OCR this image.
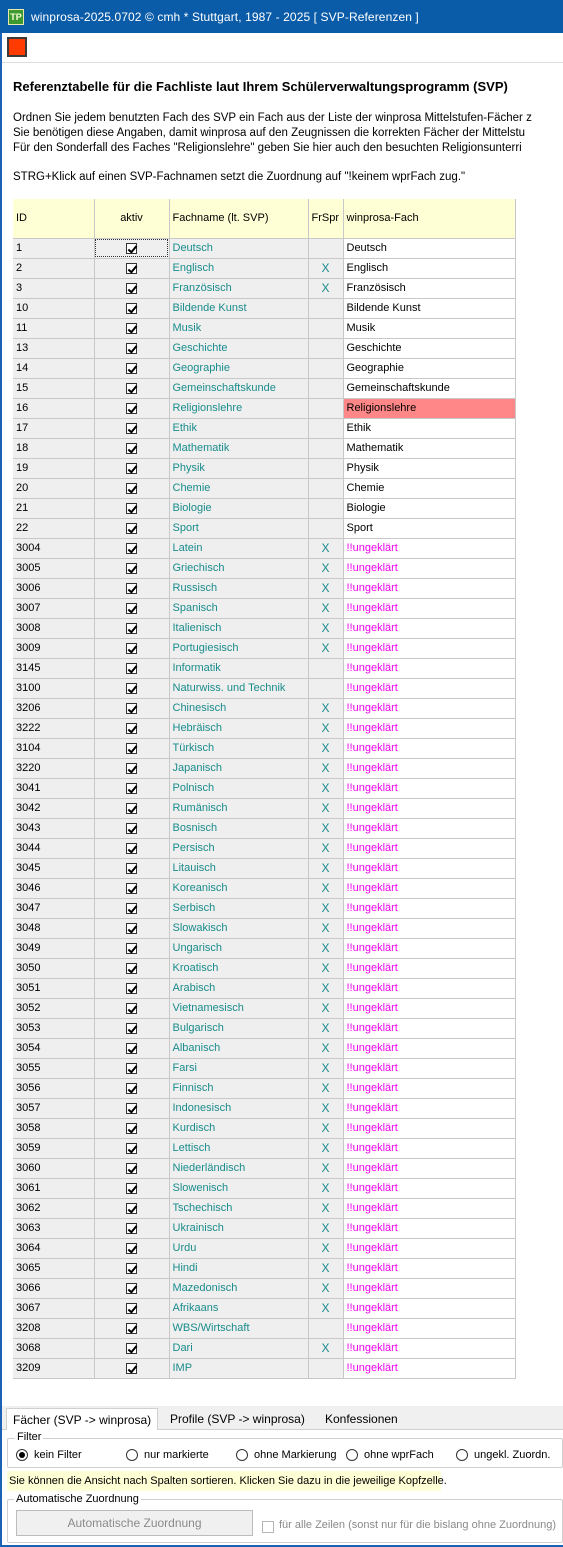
TP winprosa-2025.0702 © cmh * Stuttgart, 1987 - 2025 [ SVP-Referenzen ]
Referenztabelle für die Fachliste laut Ihrem Schülerverwaltungsprogramm (SVP)
Ordnen Sie jedem benutzten Fach des SVP ein Fach aus der Liste der winprosa Mittelstufen-Fächer z
Sie benötigen diese Angaben, damit winprosa auf den Zeugnissen die korrekten Fächer der Mittelstu
Für den Sonderfall des Faches "Religionslehre" geben Sie hier auch den besuchten Religionsunterri
STRG+Klick auf einen SVP-Fachnamen setzt die Zuordnung auf "!keinem wprFach zug."
ID	aktiv	Fachname (lt. SVP)	FrSpr	winprosa-Fach
1		Deutsch		Deutsch
2		Englisch	X	Englisch
3		Französisch	X	Französisch
10		Bildende Kunst		Bildende Kunst
11		Musik		Musik
13		Geschichte		Geschichte
14		Geographie		Geographie
15		Gemeinschaftskunde		Gemeinschaftskunde
16		Religionslehre		Religionslehre
17		Ethik		Ethik
18		Mathematik		Mathematik
19		Physik		Physik
20		Chemie		Chemie
21		Biologie		Biologie
22		Sport		Sport
3004		Latein	X	!!ungeklärt
3005		Griechisch	X	!!ungeklärt
3006		Russisch	X	!!ungeklärt
3007		Spanisch	X	!!ungeklärt
3008		Italienisch	X	!!ungeklärt
3009		Portugiesisch	X	!!ungeklärt
3145		Informatik		!!ungeklärt
3100		Naturwiss. und Technik		!!ungeklärt
3206		Chinesisch	X	!!ungeklärt
3222		Hebräisch	X	!!ungeklärt
3104		Türkisch	X	!!ungeklärt
3220		Japanisch	X	!!ungeklärt
3041		Polnisch	X	!!ungeklärt
3042		Rumänisch	X	!!ungeklärt
3043		Bosnisch	X	!!ungeklärt
3044		Persisch	X	!!ungeklärt
3045		Litauisch	X	!!ungeklärt
3046		Koreanisch	X	!!ungeklärt
3047		Serbisch	X	!!ungeklärt
3048		Slowakisch	X	!!ungeklärt
3049		Ungarisch	X	!!ungeklärt
3050		Kroatisch	X	!!ungeklärt
3051		Arabisch	X	!!ungeklärt
3052		Vietnamesisch	X	!!ungeklärt
3053		Bulgarisch	X	!!ungeklärt
3054		Albanisch	X	!!ungeklärt
3055		Farsi	X	!!ungeklärt
3056		Finnisch	X	!!ungeklärt
3057		Indonesisch	X	!!ungeklärt
3058		Kurdisch	X	!!ungeklärt
3059		Lettisch	X	!!ungeklärt
3060		Niederländisch	X	!!ungeklärt
3061		Slowenisch	X	!!ungeklärt
3062		Tschechisch	X	!!ungeklärt
3063		Ukrainisch	X	!!ungeklärt
3064		Urdu	X	!!ungeklärt
3065		Hindi	X	!!ungeklärt
3066		Mazedonisch	X	!!ungeklärt
3067		Afrikaans	X	!!ungeklärt
3208		WBS/Wirtschaft		!!ungeklärt
3068		Dari	X	!!ungeklärt
3209		IMP		!!ungeklärt
Fächer (SVP -> winprosa)	Profile (SVP -> winprosa)	Konfessionen
Filter
kein Filter	nur markierte	ohne Markierung ohne wprFach	ungekl. Zuordn.
Sie können die Ansicht nach Spalten sortieren. Klicken Sie dazu in die jeweilige Kopfzelle.
Automatische Zuordnung
Automatische Zuordnung	für alle Zeilen (sonst nur für die bislang ohne Zuordnung)
